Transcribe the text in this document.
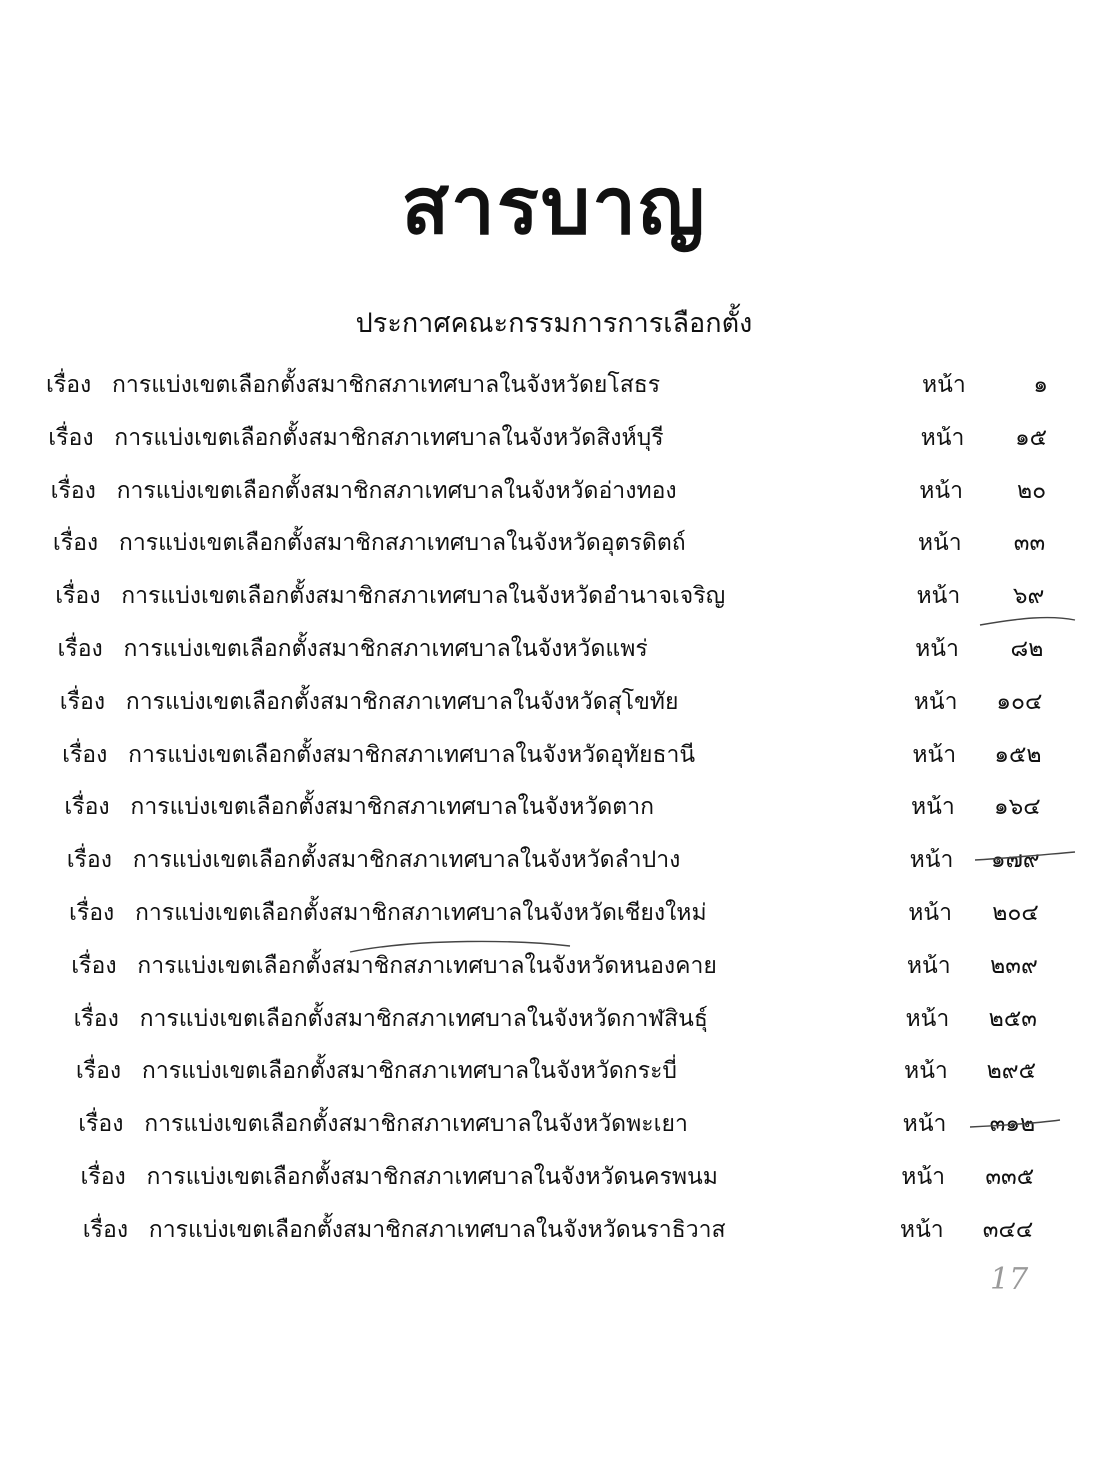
สารบาญ
ประกาศคณะกรรมการการเลือกตั้ง
เรื่อง การแบ่งเขตเลือกตั้งสมาชิกสภาเทศบาลในจังหวัดยโสธร	หน้า	๑
เรื่อง การแบ่งเขตเลือกตั้งสมาชิกสภาเทศบาลในจังหวัดสิงห์บุรี	หน้า	๑๕
เรื่อง การแบ่งเขตเลือกตั้งสมาชิกสภาเทศบาลในจังหวัดอ่างทอง	หน้า	๒๐
เรื่อง การแบ่งเขตเลือกตั้งสมาชิกสภาเทศบาลในจังหวัดอุตรดิตถ์	หน้า	๓๓
เรื่อง การแบ่งเขตเลือกตั้งสมาชิกสภาเทศบาลในจังหวัดอำนาจเจริญ	หน้า	๖๙
เรื่อง การแบ่งเขตเลือกตั้งสมาชิกสภาเทศบาลในจังหวัดแพร่	หน้า	๘๒
เรื่อง การแบ่งเขตเลือกตั้งสมาชิกสภาเทศบาลในจังหวัดสุโขทัย	หน้า	๑๐๔
เรื่อง การแบ่งเขตเลือกตั้งสมาชิกสภาเทศบาลในจังหวัดอุทัยธานี	หน้า	๑๕๒
เรื่อง การแบ่งเขตเลือกตั้งสมาชิกสภาเทศบาลในจังหวัดตาก	หน้า	๑๖๔
เรื่อง การแบ่งเขตเลือกตั้งสมาชิกสภาเทศบาลในจังหวัดลำปาง	หน้า	๑๗๙
เรื่อง การแบ่งเขตเลือกตั้งสมาชิกสภาเทศบาลในจังหวัดเชียงใหม่	หน้า	๒๐๔
เรื่อง การแบ่งเขตเลือกตั้งสมาชิกสภาเทศบาลในจังหวัดหนองคาย	หน้า	๒๓๙
เรื่อง การแบ่งเขตเลือกตั้งสมาชิกสภาเทศบาลในจังหวัดกาฬสินธุ์	หน้า	๒๕๓
เรื่อง การแบ่งเขตเลือกตั้งสมาชิกสภาเทศบาลในจังหวัดกระบี่	หน้า	๒๙๕
เรื่อง การแบ่งเขตเลือกตั้งสมาชิกสภาเทศบาลในจังหวัดพะเยา	หน้า	๓๑๒
เรื่อง การแบ่งเขตเลือกตั้งสมาชิกสภาเทศบาลในจังหวัดนครพนม	หน้า	๓๓๕
เรื่อง การแบ่งเขตเลือกตั้งสมาชิกสภาเทศบาลในจังหวัดนราธิวาส	หน้า	๓๔๔
17
